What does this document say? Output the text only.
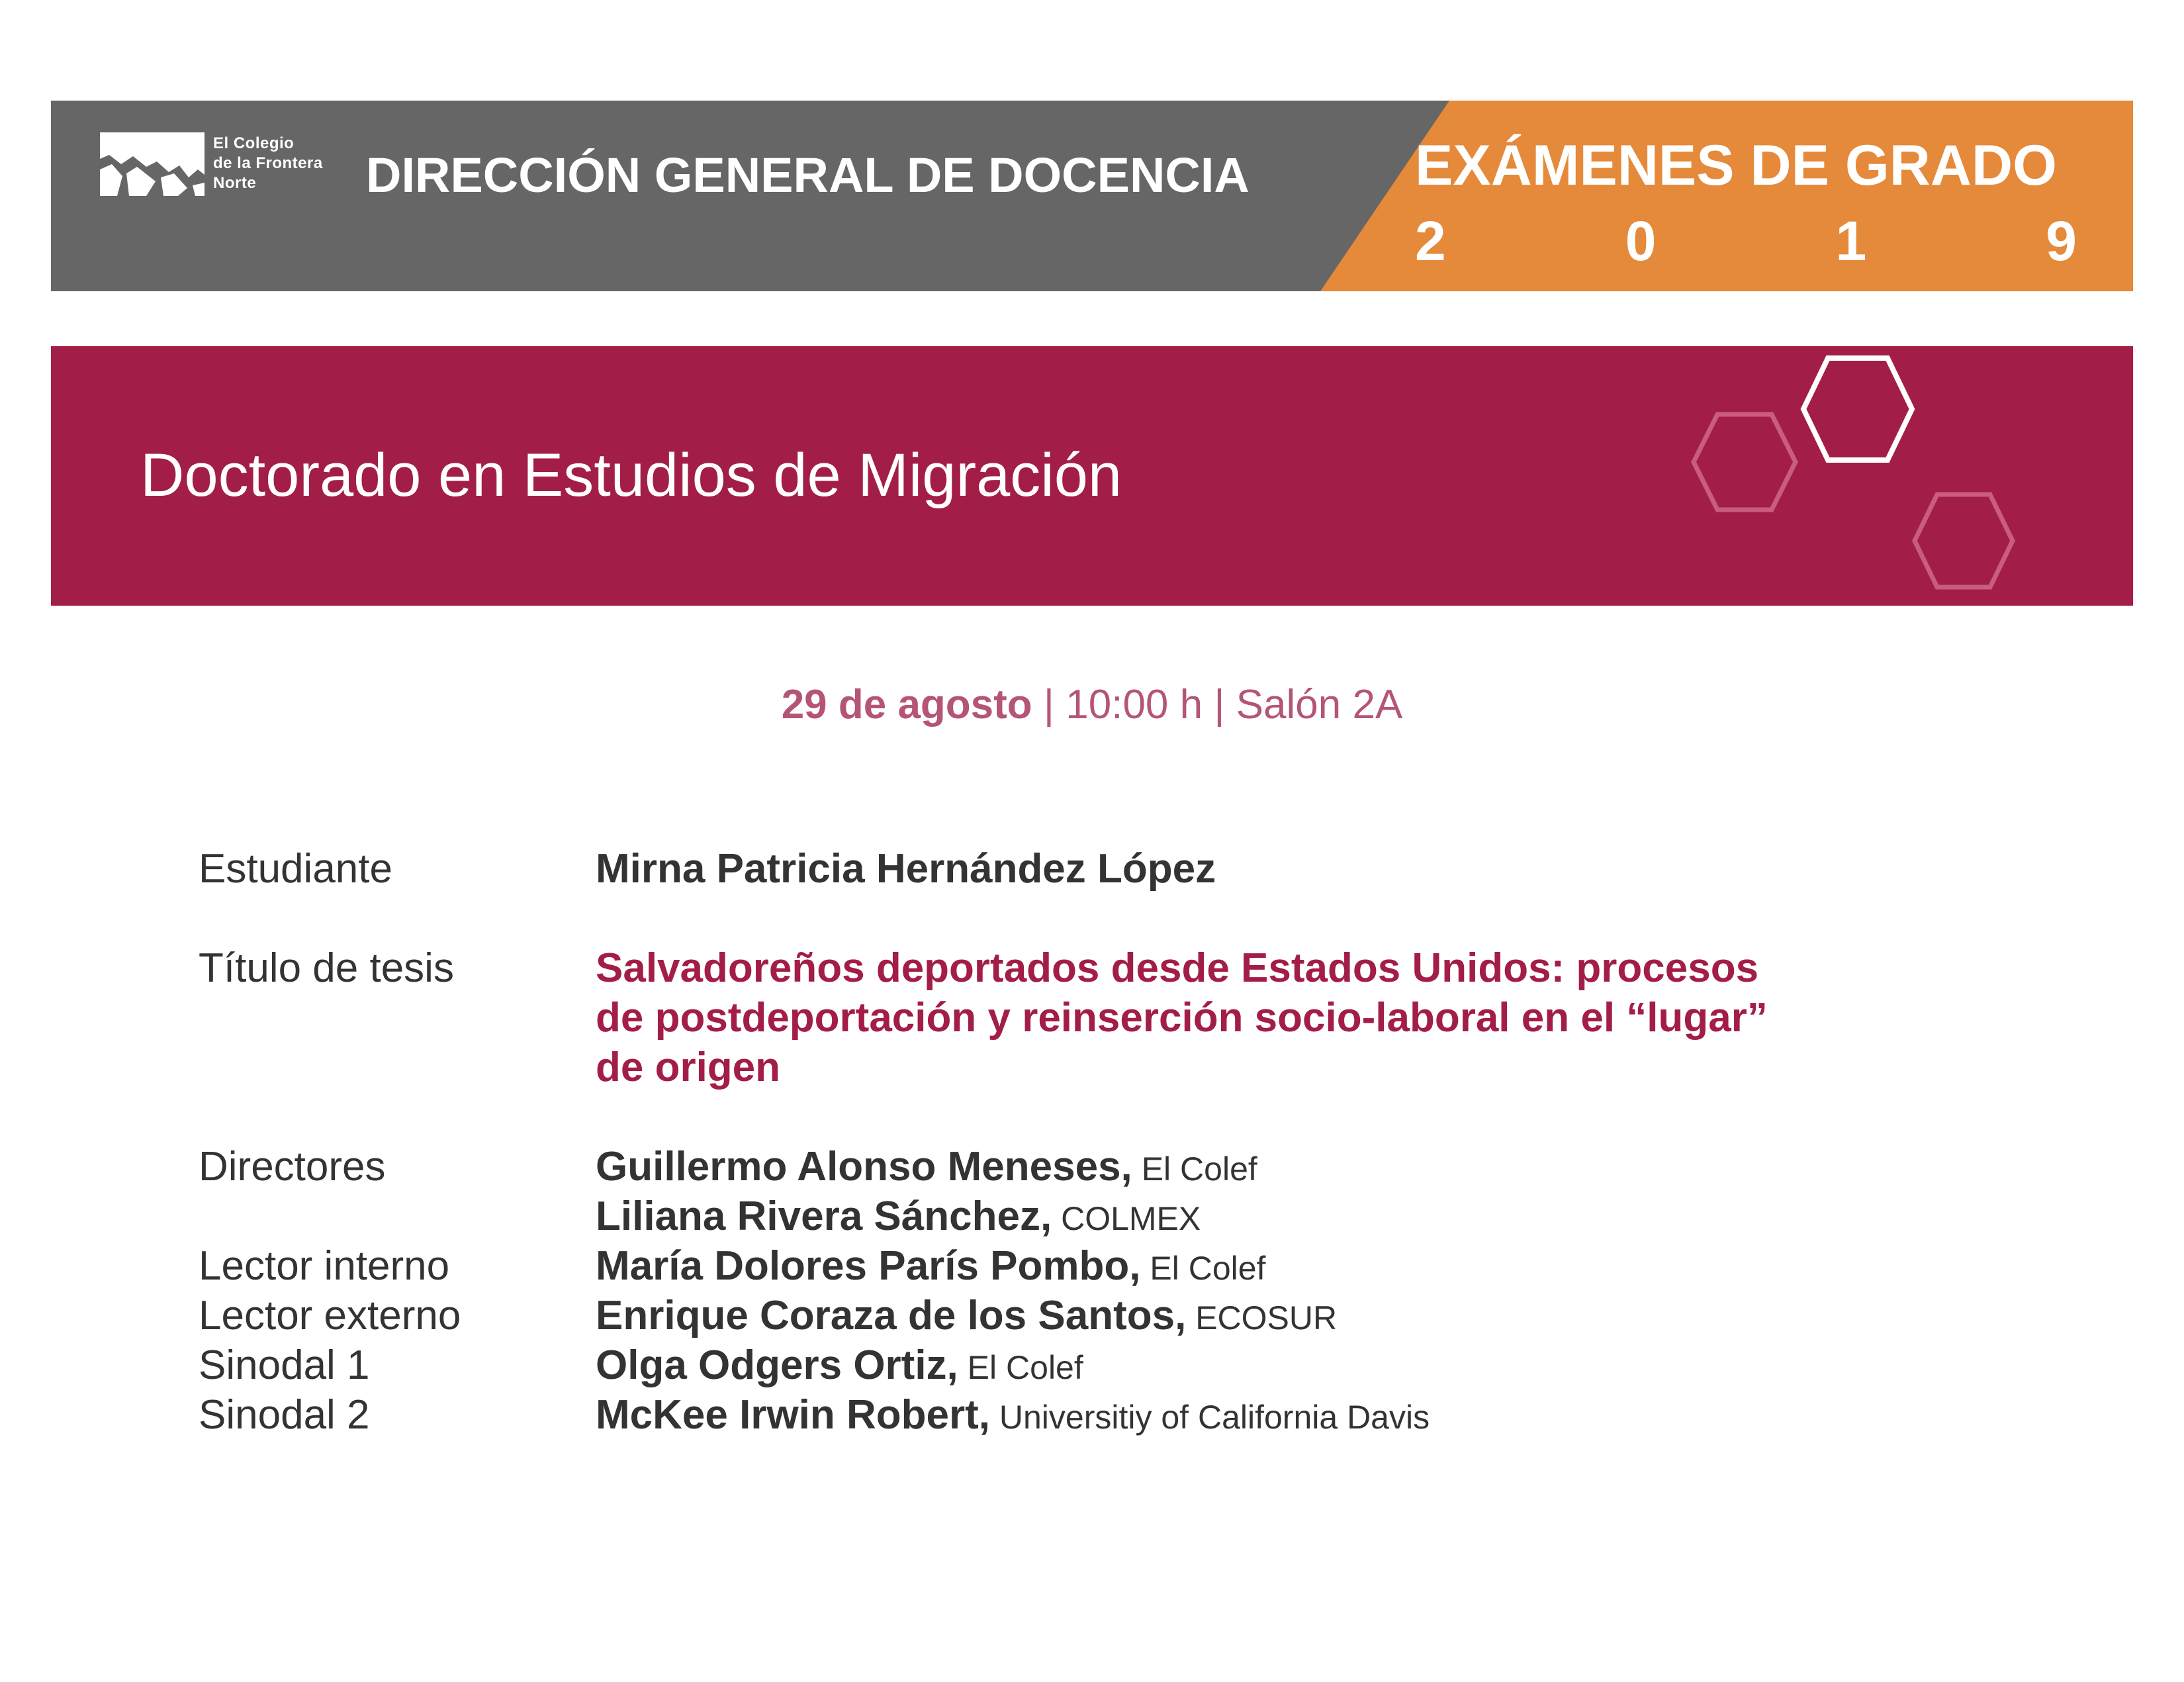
El Colegio
de la Frontera
Norte	DIRECCIÓN GENERAL DE DOCENCIA	EXÁMENES DE GRADO
2	0	1	9
Doctorado en Estudios de Migración
29 de agosto | 10:00 h | Salón 2A
Estudiante	Mirna Patricia Hernández López
Título de tesis	Salvadoreños deportados desde Estados Unidos: procesos
de postdeportación y reinserción socio-laboral en el “lugar”
de origen
Directores	Guillermo Alonso Meneses, El Colef
Liliana Rivera Sánchez, COLMEX
Lector interno	María Dolores París Pombo, El Colef
Lector externo	Enrique Coraza de los Santos, ECOSUR
Sinodal 1	Olga Odgers Ortiz, El Colef
Sinodal 2	McKee Irwin Robert, Universitiy of California Davis
